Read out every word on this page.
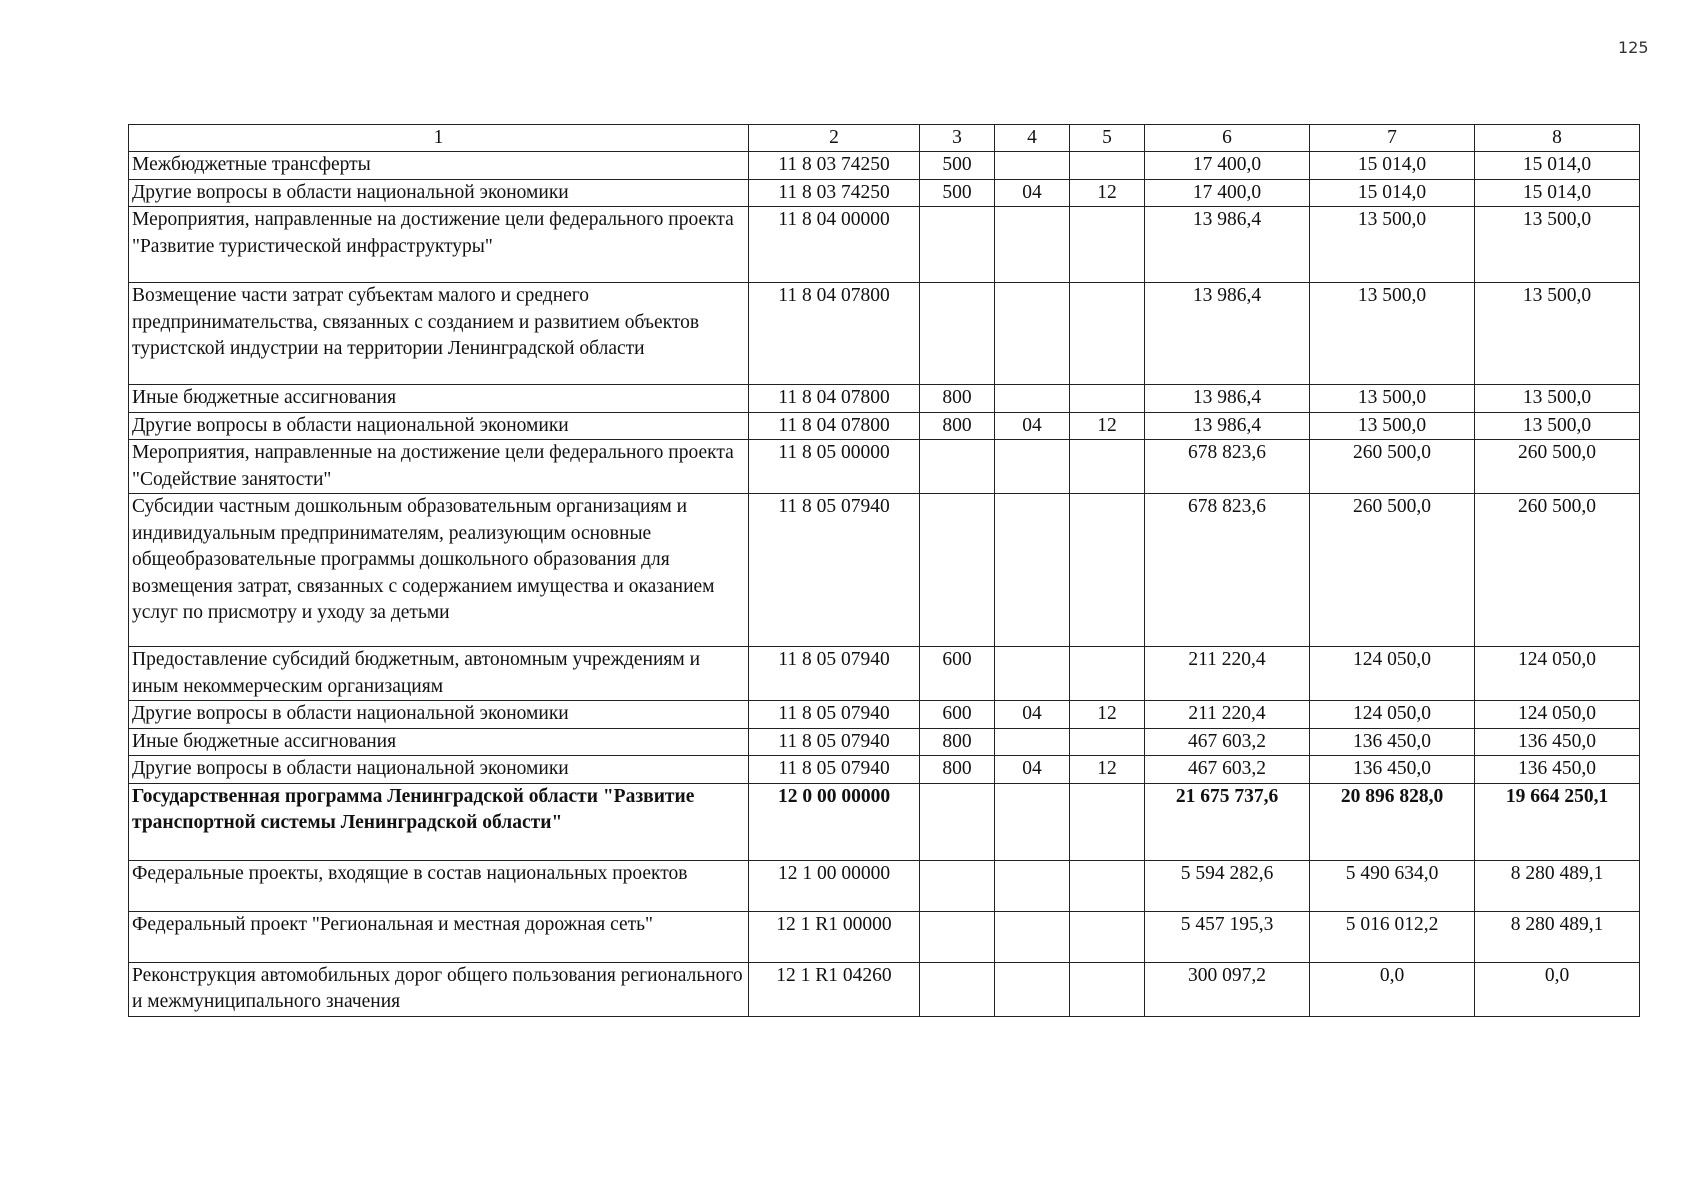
125
1	2	3	4	5	6	7	8
Межбюджетные трансферты	11 8 03 74250	500			17 400,0	15 014,0	15 014,0
Другие вопросы в области национальной экономики	11 8 03 74250	500	04	12	17 400,0	15 014,0	15 014,0
Мероприятия, направленные на достижение цели федерального проекта "Развитие туристической инфраструктуры"	11 8 04 00000				13 986,4	13 500,0	13 500,0
Возмещение части затрат субъектам малого и среднего предпринимательства, связанных с созданием и развитием объектов туристской индустрии на территории Ленинградской области	11 8 04 07800				13 986,4	13 500,0	13 500,0
Иные бюджетные ассигнования	11 8 04 07800	800			13 986,4	13 500,0	13 500,0
Другие вопросы в области национальной экономики	11 8 04 07800	800	04	12	13 986,4	13 500,0	13 500,0
Мероприятия, направленные на достижение цели федерального проекта "Содействие занятости"	11 8 05 00000				678 823,6	260 500,0	260 500,0
Субсидии частным дошкольным образовательным организациям и индивидуальным предпринимателям, реализующим основные общеобразовательные программы дошкольного образования для возмещения затрат, связанных с содержанием имущества и оказанием услуг по присмотру и уходу за детьми	11 8 05 07940				678 823,6	260 500,0	260 500,0
Предоставление субсидий бюджетным, автономным учреждениям и иным некоммерческим организациям	11 8 05 07940	600			211 220,4	124 050,0	124 050,0
Другие вопросы в области национальной экономики	11 8 05 07940	600	04	12	211 220,4	124 050,0	124 050,0
Иные бюджетные ассигнования	11 8 05 07940	800			467 603,2	136 450,0	136 450,0
Другие вопросы в области национальной экономики	11 8 05 07940	800	04	12	467 603,2	136 450,0	136 450,0
Государственная программа Ленинградской области "Развитие транспортной системы Ленинградской области"	12 0 00 00000				21 675 737,6	20 896 828,0	19 664 250,1
Федеральные проекты, входящие в состав национальных проектов	12 1 00 00000				5 594 282,6	5 490 634,0	8 280 489,1
Федеральный проект "Региональная и местная дорожная сеть"	12 1 R1 00000				5 457 195,3	5 016 012,2	8 280 489,1
Реконструкция автомобильных дорог общего пользования регионального и межмуниципального значения	12 1 R1 04260				300 097,2	0,0	0,0
